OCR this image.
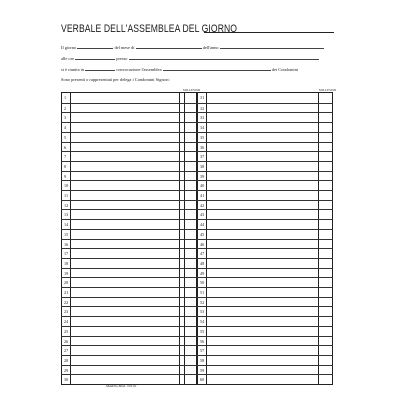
VERBALE DELL'ASSEMBLEA DEL GIORNO
Il giorno	del mese di	dell'anno
alle ore	presso
si è riunita in	convocazione l'assemblea	dei Condomini
Sono presenti o rappresentati per delega i Condomini Signori:
MILLESIMI	MILLESIMI
1
2
3
4
5
6
7
8
9
10
11
12
13
14
15
16
17
18
19
20
21
22
23
24
25
26
27
28
29
30
31
32
33
34
35
36
37
38
39
40
41
42
43
44
45
46
47
48
49
50
51
52
53
54
55
56
57
58
59
60
Modello Mod. 729-01
